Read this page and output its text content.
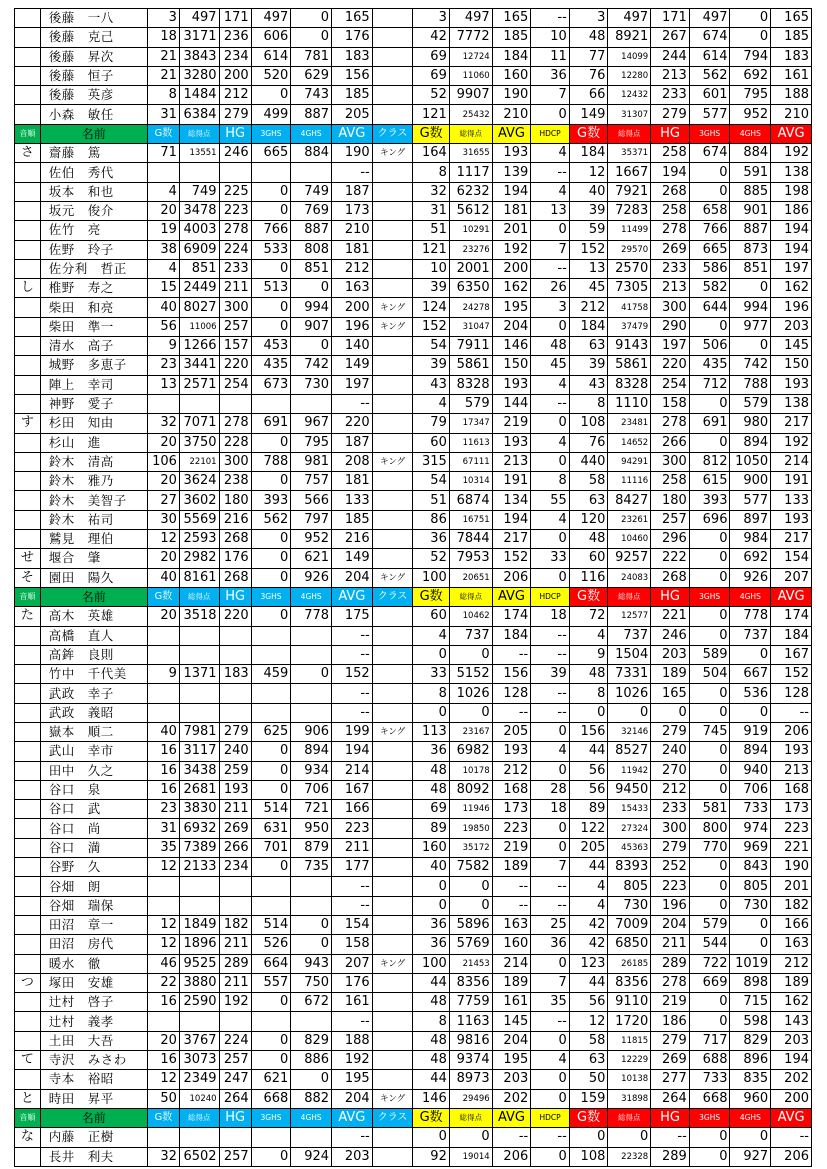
	後藤　一八	3	497	171	497	0	165		3	497	165	--	3	497	171	497	0	165
	後藤　克己	18	3171	236	606	0	176		42	7772	185	10	48	8921	267	674	0	185
	後藤　昇次	21	3843	234	614	781	183		69	12724	184	11	77	14099	244	614	794	183
	後藤　恒子	21	3280	200	520	629	156		69	11060	160	36	76	12280	213	562	692	161
	後藤　英彦	8	1484	212	0	743	185		52	9907	190	7	66	12432	233	601	795	188
	小森　敏任	31	6384	279	499	887	205		121	25432	210	0	149	31307	279	577	952	210
音順	名前	G数	総得点	HG	3GHS	4GHS	AVG	クラス	G数	総得点	AVG	HDCP	G数	総得点	HG	3GHS	4GHS	AVG
さ	齋藤　篤	71	13551	246	665	884	190	キング	164	31655	193	4	184	35371	258	674	884	192
	佐伯　秀代						--		8	1117	139	--	12	1667	194	0	591	138
	坂本　和也	4	749	225	0	749	187		32	6232	194	4	40	7921	268	0	885	198
	坂元　俊介	20	3478	223	0	769	173		31	5612	181	13	39	7283	258	658	901	186
	佐竹　亮	19	4003	278	766	887	210		51	10291	201	0	59	11499	278	766	887	194
	佐野　玲子	38	6909	224	533	808	181		121	23276	192	7	152	29570	269	665	873	194
	佐分利　哲正	4	851	233	0	851	212		10	2001	200	--	13	2570	233	586	851	197
し	椎野　寿之	15	2449	211	513	0	163		39	6350	162	26	45	7305	213	582	0	162
	柴田　和亮	40	8027	300	0	994	200	キング	124	24278	195	3	212	41758	300	644	994	196
	柴田　準一	56	11006	257	0	907	196	キング	152	31047	204	0	184	37479	290	0	977	203
	清水　高子	9	1266	157	453	0	140		54	7911	146	48	63	9143	197	506	0	145
	城野　多恵子	23	3441	220	435	742	149		39	5861	150	45	39	5861	220	435	742	150
	陣上　幸司	13	2571	254	673	730	197		43	8328	193	4	43	8328	254	712	788	193
	神野　愛子						--		4	579	144	--	8	1110	158	0	579	138
す	杉田　知由	32	7071	278	691	967	220		79	17347	219	0	108	23481	278	691	980	217
	杉山　進	20	3750	228	0	795	187		60	11613	193	4	76	14652	266	0	894	192
	鈴木　清高	106	22101	300	788	981	208	キング	315	67111	213	0	440	94291	300	812	1050	214
	鈴木　雅乃	20	3624	238	0	757	181		54	10314	191	8	58	11116	258	615	900	191
	鈴木　美智子	27	3602	180	393	566	133		51	6874	134	55	63	8427	180	393	577	133
	鈴木　祐司	30	5569	216	562	797	185		86	16751	194	4	120	23261	257	696	897	193
	鷲見　理伯	12	2593	268	0	952	216		36	7844	217	0	48	10460	296	0	984	217
せ	堰合　肇	20	2982	176	0	621	149		52	7953	152	33	60	9257	222	0	692	154
そ	園田　陽久	40	8161	268	0	926	204	キング	100	20651	206	0	116	24083	268	0	926	207
音順	名前	G数	総得点	HG	3GHS	4GHS	AVG	クラス	G数	総得点	AVG	HDCP	G数	総得点	HG	3GHS	4GHS	AVG
た	高木　英雄	20	3518	220	0	778	175		60	10462	174	18	72	12577	221	0	778	174
	高橋　直人						--		4	737	184	--	4	737	246	0	737	184
	高鉾　良則						--		0	0	--	--	9	1504	203	589	0	167
	竹中　千代美	9	1371	183	459	0	152		33	5152	156	39	48	7331	189	504	667	152
	武政　幸子						--		8	1026	128	--	8	1026	165	0	536	128
	武政　義昭						--		0	0	--	--	0	0	0	0	0	--
	嶽本　順二	40	7981	279	625	906	199	キング	113	23167	205	0	156	32146	279	745	919	206
	武山　幸市	16	3117	240	0	894	194		36	6982	193	4	44	8527	240	0	894	193
	田中　久之	16	3438	259	0	934	214		48	10178	212	0	56	11942	270	0	940	213
	谷口　泉	16	2681	193	0	706	167		48	8092	168	28	56	9450	212	0	706	168
	谷口　武	23	3830	211	514	721	166		69	11946	173	18	89	15433	233	581	733	173
	谷口　尚	31	6932	269	631	950	223		89	19850	223	0	122	27324	300	800	974	223
	谷口　満	35	7389	266	701	879	211		160	35172	219	0	205	45363	279	770	969	221
	谷野　久	12	2133	234	0	735	177		40	7582	189	7	44	8393	252	0	843	190
	谷畑　朗						--		0	0	--	--	4	805	223	0	805	201
	谷畑　瑞保						--		0	0	--	--	4	730	196	0	730	182
	田沼　章一	12	1849	182	514	0	154		36	5896	163	25	42	7009	204	579	0	166
	田沼　房代	12	1896	211	526	0	158		36	5769	160	36	42	6850	211	544	0	163
	暖水　徹	46	9525	289	664	943	207	キング	100	21453	214	0	123	26185	289	722	1019	212
つ	塚田　安雄	22	3880	211	557	750	176		44	8356	189	7	44	8356	278	669	898	189
	辻村　啓子	16	2590	192	0	672	161		48	7759	161	35	56	9110	219	0	715	162
	辻村　義孝						--		8	1163	145	--	12	1720	186	0	598	143
	土田　大吾	20	3767	224	0	829	188		48	9816	204	0	58	11815	279	717	829	203
て	寺沢　みさわ	16	3073	257	0	886	192		48	9374	195	4	63	12229	269	688	896	194
	寺本　裕昭	12	2349	247	621	0	195		44	8973	203	0	50	10138	277	733	835	202
と	時田　昇平	50	10240	264	668	882	204	キング	146	29496	202	0	159	31898	264	668	960	200
音順	名前	G数	総得点	HG	3GHS	4GHS	AVG	クラス	G数	総得点	AVG	HDCP	G数	総得点	HG	3GHS	4GHS	AVG
な	内藤　正樹						--		0	0	--	--	0	0	--	0	0	--
	長井　利夫	32	6502	257	0	924	203		92	19014	206	0	108	22328	289	0	927	206
